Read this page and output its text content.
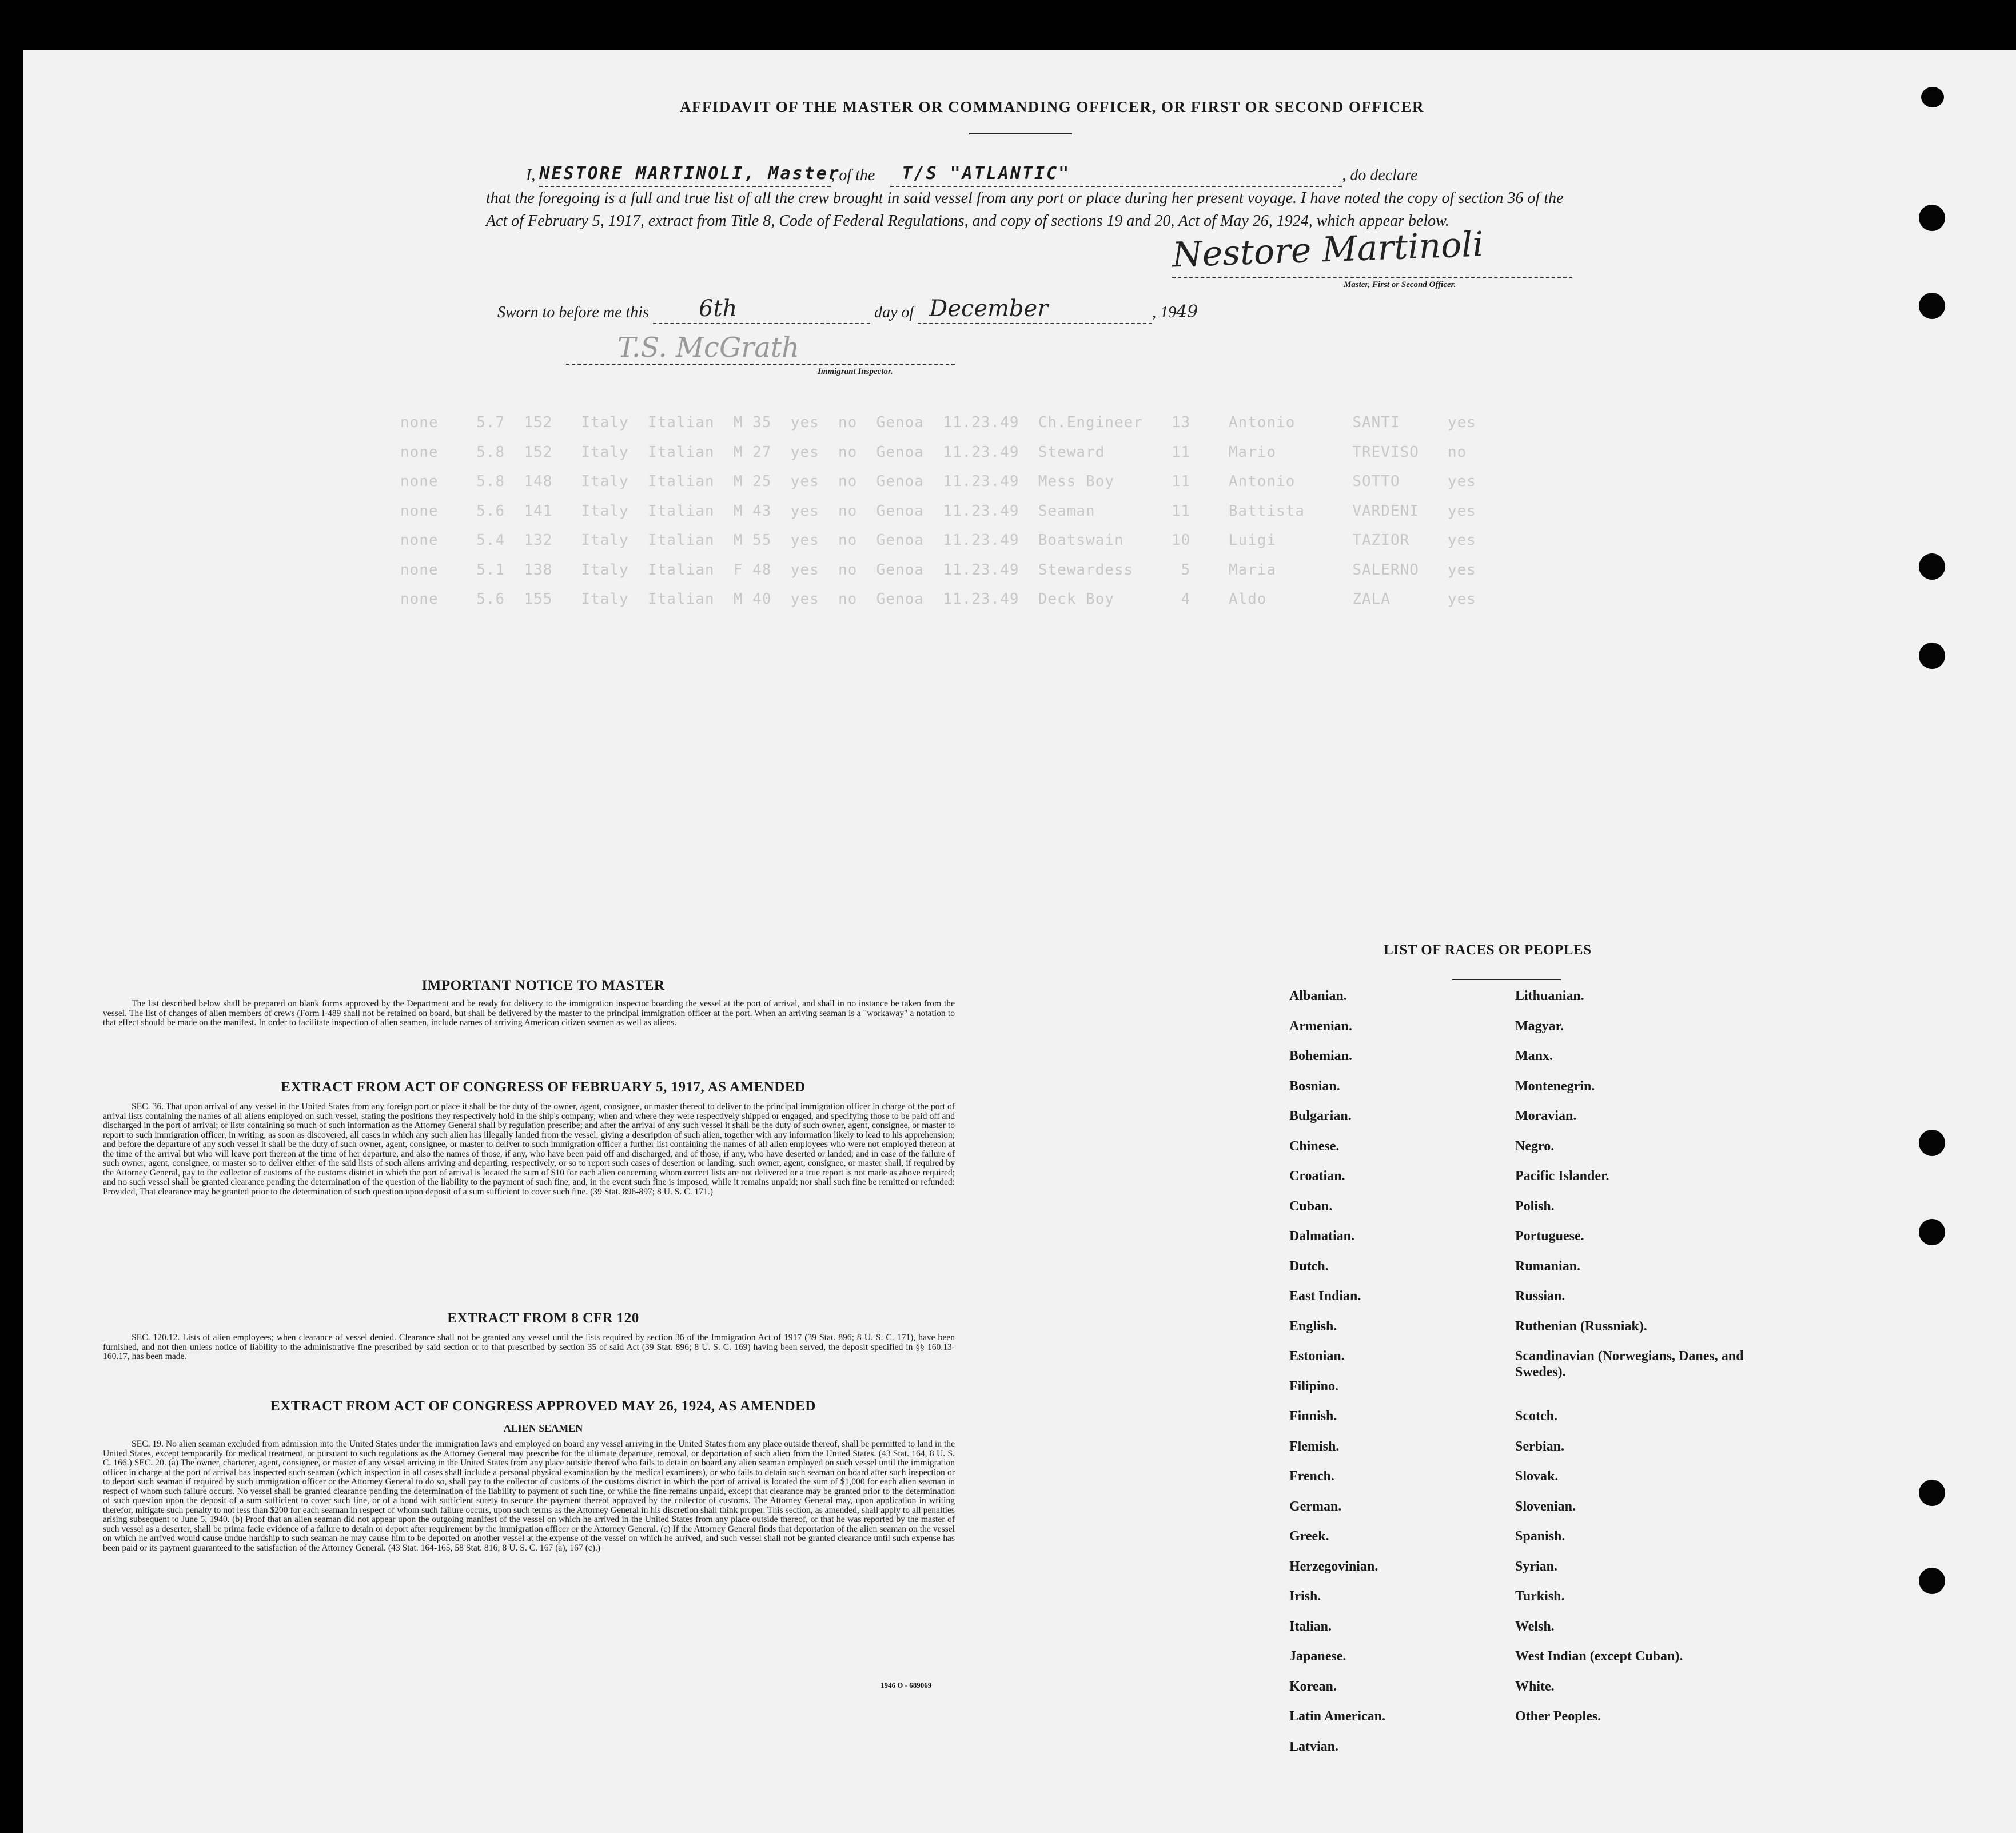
none    5.7  152   Italy  Italian  M 35  yes  no  Genoa  11.23.49  Ch.Engineer   13    Antonio      SANTI     yes
none    5.8  152   Italy  Italian  M 27  yes  no  Genoa  11.23.49  Steward       11    Mario        TREVISO   no
none    5.8  148   Italy  Italian  M 25  yes  no  Genoa  11.23.49  Mess Boy      11    Antonio      SOTTO     yes
none    5.6  141   Italy  Italian  M 43  yes  no  Genoa  11.23.49  Seaman        11    Battista     VARDENI   yes
none    5.4  132   Italy  Italian  M 55  yes  no  Genoa  11.23.49  Boatswain     10    Luigi        TAZIOR    yes
none    5.1  138   Italy  Italian  F 48  yes  no  Genoa  11.23.49  Stewardess     5    Maria        SALERNO   yes
none    5.6  155   Italy  Italian  M 40  yes  no  Genoa  11.23.49  Deck Boy       4    Aldo         ZALA      yes
AFFIDAVIT OF THE MASTER OR COMMANDING OFFICER, OR FIRST OR SECOND OFFICER
I, NESTORE MARTINOLI, Master, of the T/S "ATLANTIC"	, do declare
that the foregoing is a full and true list of all the crew brought in said vessel from any port or place during her present voyage. I have noted the copy of section 36 of the Act of February 5, 1917, extract from Title 8, Code of Federal Regulations, and copy of sections 19 and 20, Act of May 26, 1924, which appear below.
Nestore Martinoli
Master, First or Second Officer.
Sworn to before me this 6th	day of December	, 1949
T.S. McGrath
Immigrant Inspector.
IMPORTANT NOTICE TO MASTER
The list described below shall be prepared on blank forms approved by the Department and be ready for delivery to the immigration inspector boarding the vessel at the port of arrival, and shall in no instance be taken from the vessel. The list of changes of alien members of crews (Form I-489 shall not be retained on board, but shall be delivered by the master to the principal immigration officer at the port. When an arriving seaman is a "workaway" a notation to that effect should be made on the manifest. In order to facilitate inspection of alien seamen, include names of arriving American citizen seamen as well as aliens.
EXTRACT FROM ACT OF CONGRESS OF FEBRUARY 5, 1917, AS AMENDED
SEC. 36. That upon arrival of any vessel in the United States from any foreign port or place it shall be the duty of the owner, agent, consignee, or master thereof to deliver to the principal immigration officer in charge of the port of arrival lists containing the names of all aliens employed on such vessel, stating the positions they respectively hold in the ship's company, when and where they were respectively shipped or engaged, and specifying those to be paid off and discharged in the port of arrival; or lists containing so much of such information as the Attorney General shall by regulation prescribe; and after the arrival of any such vessel it shall be the duty of such owner, agent, consignee, or master to report to such immigration officer, in writing, as soon as discovered, all cases in which any such alien has illegally landed from the vessel, giving a description of such alien, together with any information likely to lead to his apprehension; and before the departure of any such vessel it shall be the duty of such owner, agent, consignee, or master to deliver to such immigration officer a further list containing the names of all alien employees who were not employed thereon at the time of the arrival but who will leave port thereon at the time of her departure, and also the names of those, if any, who have been paid off and discharged, and of those, if any, who have deserted or landed; and in case of the failure of such owner, agent, consignee, or master so to deliver either of the said lists of such aliens arriving and departing, respectively, or so to report such cases of desertion or landing, such owner, agent, consignee, or master shall, if required by the Attorney General, pay to the collector of customs of the customs district in which the port of arrival is located the sum of $10 for each alien concerning whom correct lists are not delivered or a true report is not made as above required; and no such vessel shall be granted clearance pending the determination of the question of the liability to the payment of such fine, and, in the event such fine is imposed, while it remains unpaid; nor shall such fine be remitted or refunded: Provided, That clearance may be granted prior to the determination of such question upon deposit of a sum sufficient to cover such fine. (39 Stat. 896-897; 8 U. S. C. 171.)
EXTRACT FROM 8 CFR 120
SEC. 120.12. Lists of alien employees; when clearance of vessel denied. Clearance shall not be granted any vessel until the lists required by section 36 of the Immigration Act of 1917 (39 Stat. 896; 8 U. S. C. 171), have been furnished, and not then unless notice of liability to the administrative fine prescribed by said section or to that prescribed by section 35 of said Act (39 Stat. 896; 8 U. S. C. 169) having been served, the deposit specified in §§ 160.13-160.17, has been made.
EXTRACT FROM ACT OF CONGRESS APPROVED MAY 26, 1924, AS AMENDED
ALIEN SEAMEN
SEC. 19. No alien seaman excluded from admission into the United States under the immigration laws and employed on board any vessel arriving in the United States from any place outside thereof, shall be permitted to land in the United States, except temporarily for medical treatment, or pursuant to such regulations as the Attorney General may prescribe for the ultimate departure, removal, or deportation of such alien from the United States. (43 Stat. 164, 8 U. S. C. 166.) SEC. 20. (a) The owner, charterer, agent, consignee, or master of any vessel arriving in the United States from any place outside thereof who fails to detain on board any alien seaman employed on such vessel until the immigration officer in charge at the port of arrival has inspected such seaman (which inspection in all cases shall include a personal physical examination by the medical examiners), or who fails to detain such seaman on board after such inspection or to deport such seaman if required by such immigration officer or the Attorney General to do so, shall pay to the collector of customs of the customs district in which the port of arrival is located the sum of $1,000 for each alien seaman in respect of whom such failure occurs. No vessel shall be granted clearance pending the determination of the liability to payment of such fine, or while the fine remains unpaid, except that clearance may be granted prior to the determination of such question upon the deposit of a sum sufficient to cover such fine, or of a bond with sufficient surety to secure the payment thereof approved by the collector of customs. The Attorney General may, upon application in writing therefor, mitigate such penalty to not less than $200 for each seaman in respect of whom such failure occurs, upon such terms as the Attorney General in his discretion shall think proper. This section, as amended, shall apply to all penalties arising subsequent to June 5, 1940. (b) Proof that an alien seaman did not appear upon the outgoing manifest of the vessel on which he arrived in the United States from any place outside thereof, or that he was reported by the master of such vessel as a deserter, shall be prima facie evidence of a failure to detain or deport after requirement by the immigration officer or the Attorney General. (c) If the Attorney General finds that deportation of the alien seaman on the vessel on which he arrived would cause undue hardship to such seaman he may cause him to be deported on another vessel at the expense of the vessel on which he arrived, and such vessel shall not be granted clearance until such expense has been paid or its payment guaranteed to the satisfaction of the Attorney General. (43 Stat. 164-165, 58 Stat. 816; 8 U. S. C. 167 (a), 167 (c).)
1946 O - 689069
LIST OF RACES OR PEOPLES
Albanian.
Armenian.
Bohemian.
Bosnian.
Bulgarian.
Chinese.
Croatian.
Cuban.
Dalmatian.
Dutch.
East Indian.
English.
Estonian.
Filipino.
Finnish.
Flemish.
French.
German.
Greek.
Herzegovinian.
Irish.
Italian.
Japanese.
Korean.
Latin American.
Latvian.
Lithuanian.
Magyar.
Manx.
Montenegrin.
Moravian.
Negro.
Pacific Islander.
Polish.
Portuguese.
Rumanian.
Russian.
Ruthenian (Russniak).
Scandinavian (Norwegians, Danes, and Swedes).
Scotch.
Serbian.
Slovak.
Slovenian.
Spanish.
Syrian.
Turkish.
Welsh.
West Indian (except Cuban).
White.
Other Peoples.
